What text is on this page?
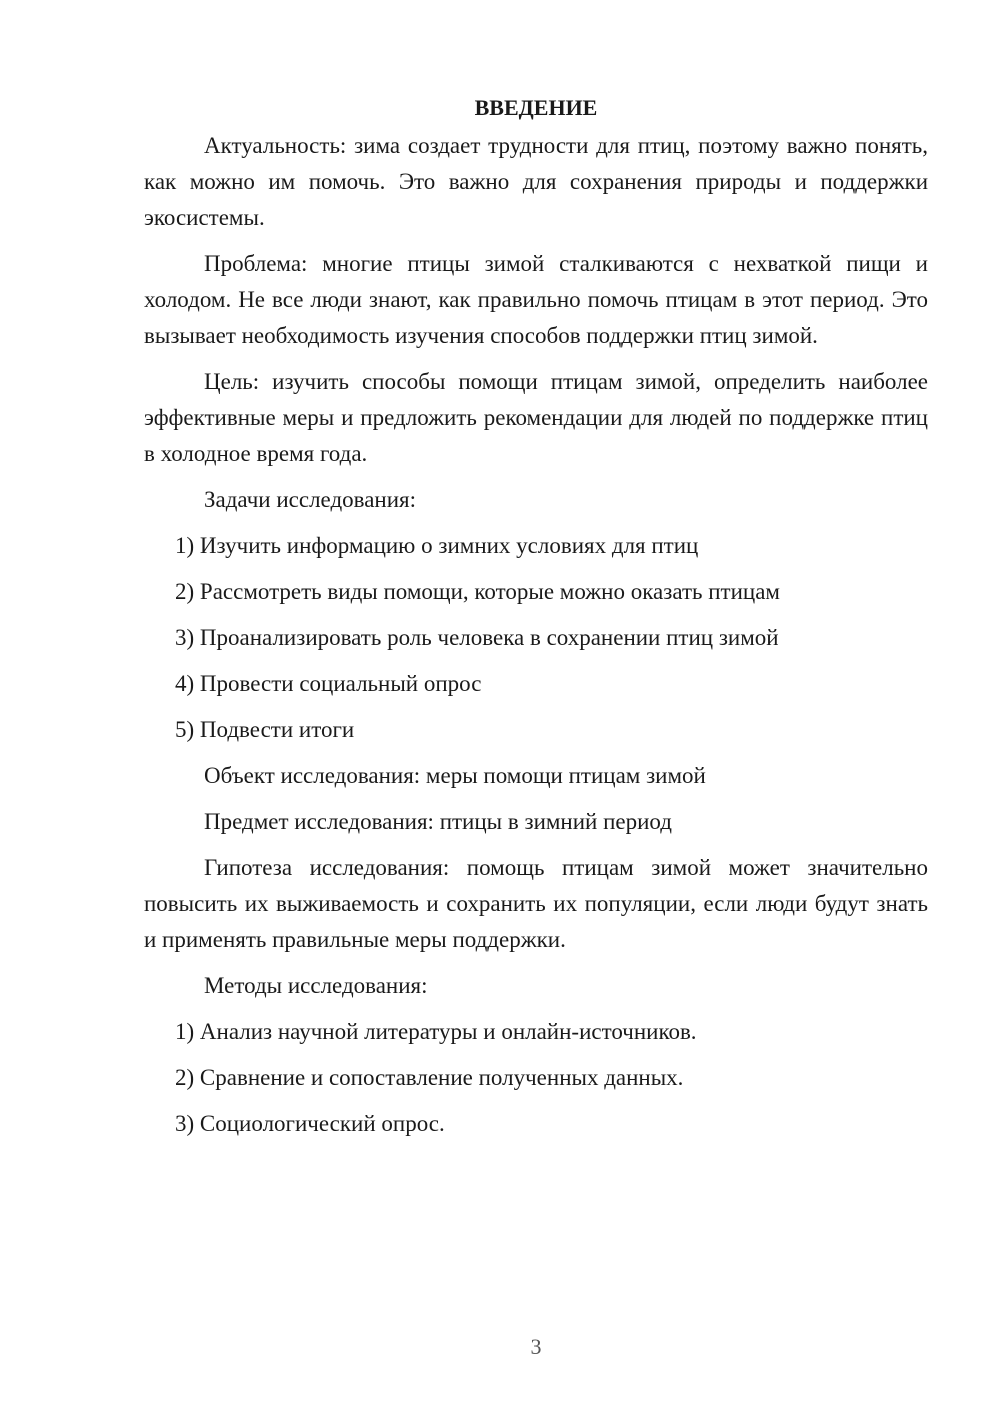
ВВЕДЕНИЕ

Актуальность: зима создает трудности для птиц, поэтому важно понять, как можно им помочь. Это важно для сохранения природы и поддержки экосистемы.

Проблема: многие птицы зимой сталкиваются с нехваткой пищи и холодом. Не все люди знают, как правильно помочь птицам в этот период. Это вызывает необходимость изучения способов поддержки птиц зимой.

Цель: изучить способы помощи птицам зимой, определить наиболее эффективные меры и предложить рекомендации для людей по поддержке птиц в холодное время года.

Задачи исследования:

1) Изучить информацию о зимних условиях для птиц
2) Рассмотреть виды помощи, которые можно оказать птицам
3) Проанализировать роль человека в сохранении птиц зимой
4) Провести социальный опрос
5) Подвести итоги

Объект исследования: меры помощи птицам зимой

Предмет исследования: птицы в зимний период

Гипотеза исследования: помощь птицам зимой может значительно повысить их выживаемость и сохранить их популяции, если люди будут знать и применять правильные меры поддержки.

Методы исследования:

1) Анализ научной литературы и онлайн-источников.
2) Сравнение и сопоставление полученных данных.
3) Социологический опрос.
3
